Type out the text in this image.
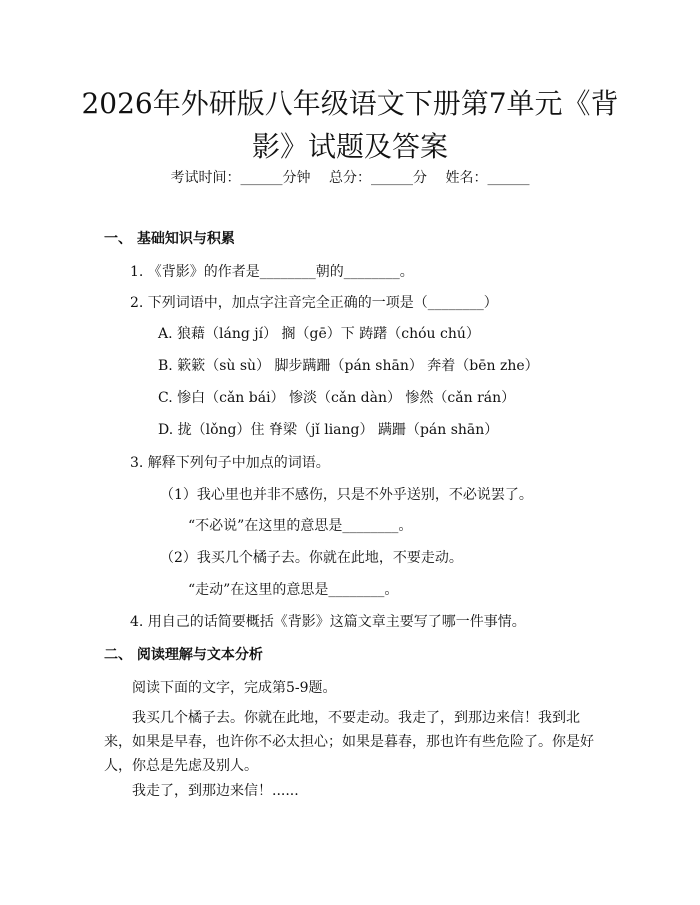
2026年外研版八年级语文下册第7单元《背
影》试题及答案
考试时间：______分钟 总分：______分 姓名：______
一、 基础知识与积累
1. 《背影》的作者是________朝的________。
2. 下列词语中，加点字注音完全正确的一项是（________）
A. 狼藉（láng jí） 搁（gē）下 踌躇（chóu chú）
B. 簌簌（sù sù） 脚步蹒跚（pán shān） 奔着（bēn zhe）
C. 惨白（cǎn bái） 惨淡（cǎn dàn） 惨然（cǎn rán）
D. 拢（lǒng）住 脊梁（jǐ liang） 蹒跚（pán shān）
3. 解释下列句子中加点的词语。
（1）我心里也并非不感伤，只是不外乎送别，不必说罢了。
“不必说”在这里的意思是________。
（2）我买几个橘子去。你就在此地，不要走动。
“走动”在这里的意思是________。
4. 用自己的话简要概括《背影》这篇文章主要写了哪一件事情。
二、 阅读理解与文本分析
阅读下面的文字，完成第5-9题。
我买几个橘子去。你就在此地，不要走动。我走了，到那边来信！我到北来，如果是早春，也许你不必太担心；如果是暮春，那也许有些危险了。你是好人，你总是先虑及别人。
我走了，到那边来信！......
